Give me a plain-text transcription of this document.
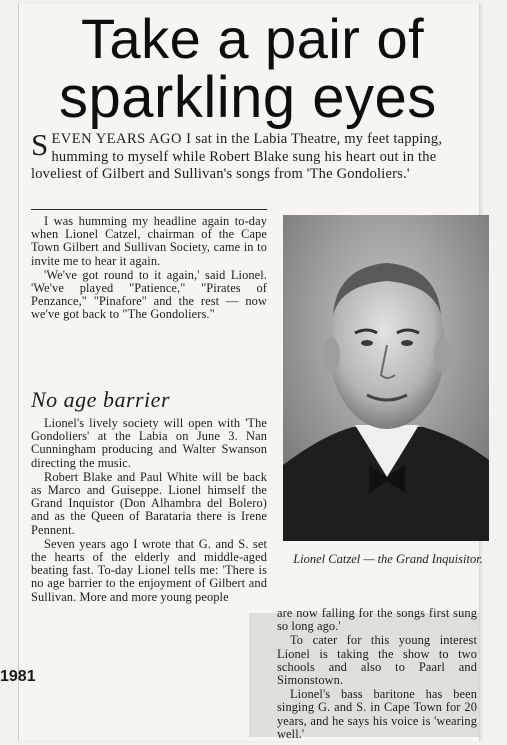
Take a pair of
sparkling eyes
SEVEN YEARS AGO I sat in the Labia Theatre, my feet tapping, humming to myself while Robert Blake sung his heart out in the loveliest of Gilbert and Sullivan's songs from 'The Gondoliers.'

I was humming my headline again to-day when Lionel Catzel, chairman of the Cape Town Gilbert and Sullivan Society, came in to invite me to hear it again.

'We've got round to it again,' said Lionel. 'We've played "Patience," "Pirates of Penzance," "Pinafore" and the rest — now we've got back to "The Gondoliers."

No age barrier

Lionel's lively society will open with 'The Gondoliers' at the Labia on June 3. Nan Cunningham producing and Walter Swanson directing the music.

Robert Blake and Paul White will be back as Marco and Guiseppe. Lionel himself the Grand Inquistor (Don Alhambra del Bolero) and as the Queen of Barataria there is Irene Pennent.

Seven years ago I wrote that G. and S. set the hearts of the elderly and middle-aged beating fast. To-day Lionel tells me: 'There is no age barrier to the enjoyment of Gilbert and Sullivan. More and more young people

Lionel Catzel — the Grand Inquisitor.

are now falling for the songs first sung so long ago.'

To cater for this young interest Lionel is taking the show to two schools and also to Paarl and Simonstown.

Lionel's bass baritone has been singing G. and S. in Cape Town for 20 years, and he says his voice is 'wearing well.'

1981
